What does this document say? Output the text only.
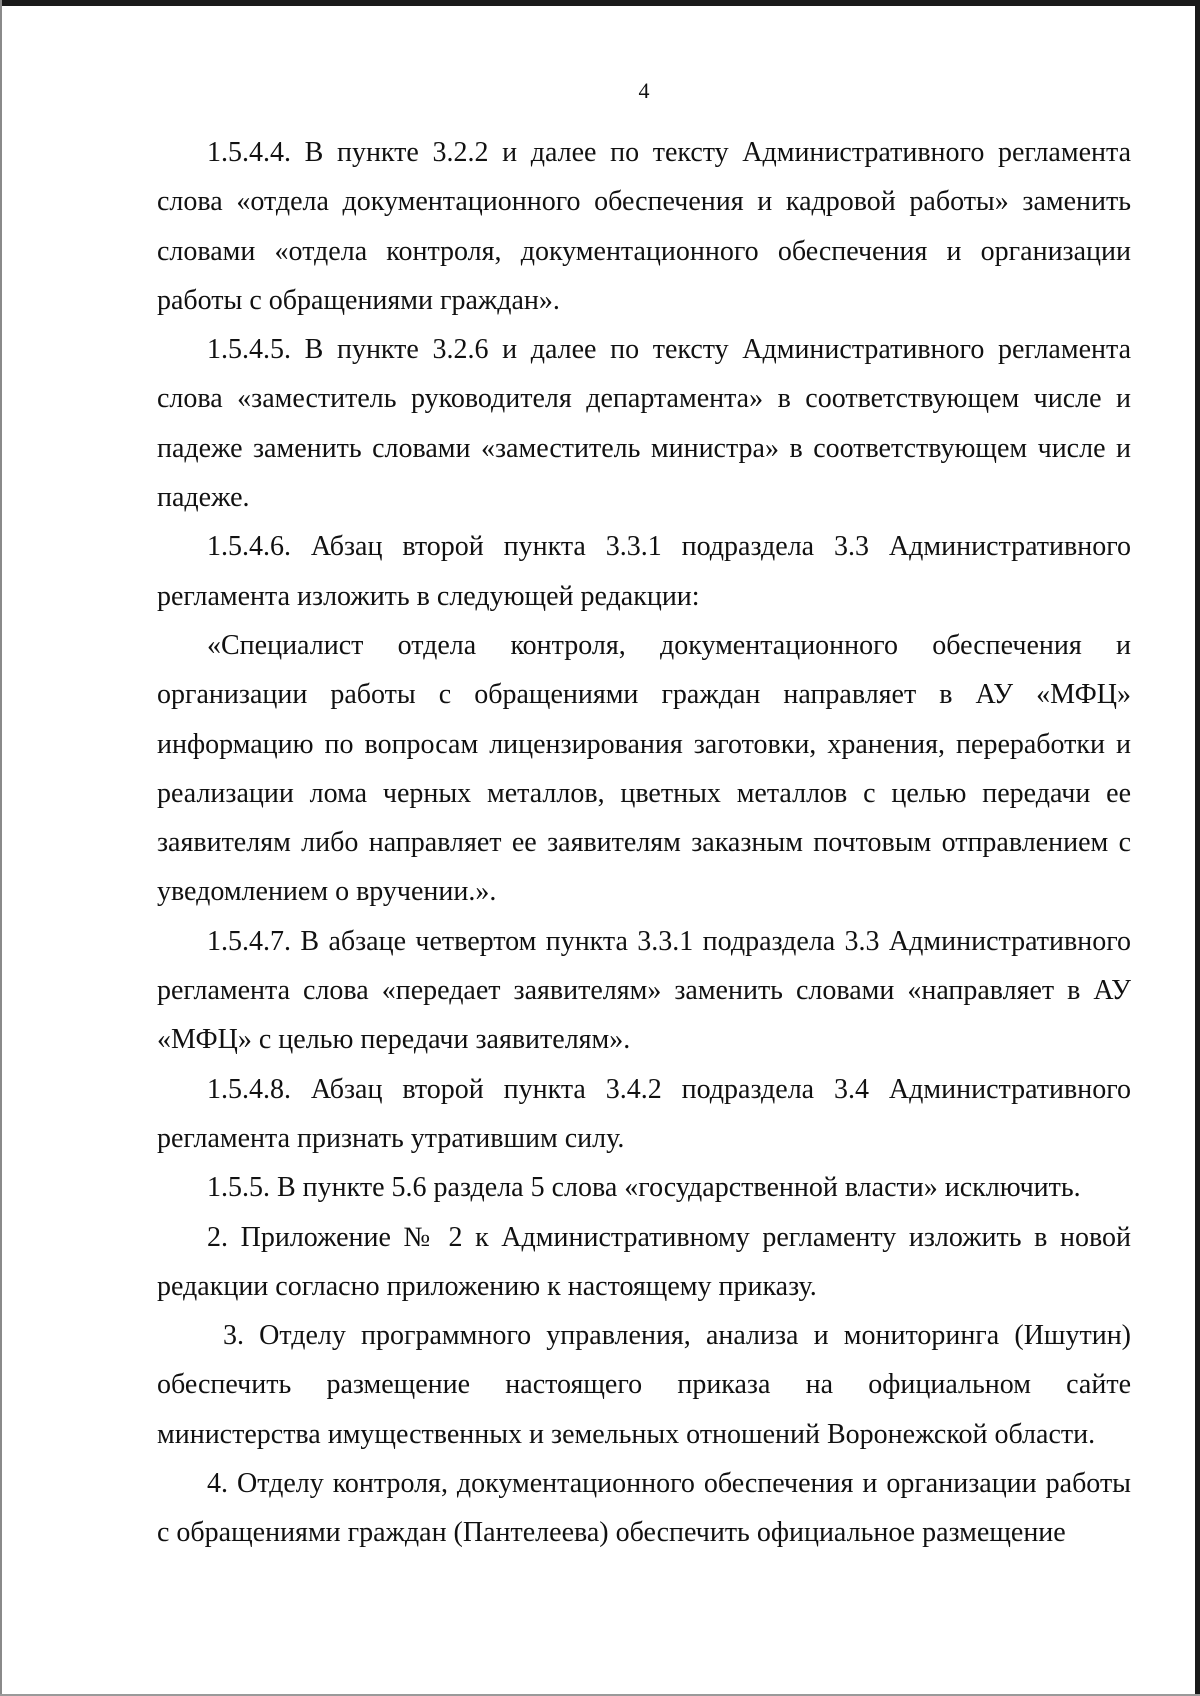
4

1.5.4.4. В пункте 3.2.2 и далее по тексту Административного регламента слова «отдела документационного обеспечения и кадровой работы» заменить словами «отдела контроля, документационного обеспечения и организации работы с обращениями граждан».

1.5.4.5. В пункте 3.2.6 и далее по тексту Административного регламента слова «заместитель руководителя департамента» в соответствующем числе и падеже заменить словами «заместитель министра» в соответствующем числе и падеже.

1.5.4.6. Абзац второй пункта 3.3.1 подраздела 3.3 Административного регламента изложить в следующей редакции:

«Специалист отдела контроля, документационного обеспечения и организации работы с обращениями граждан направляет в АУ «МФЦ» информацию по вопросам лицензирования заготовки, хранения, переработки и реализации лома черных металлов, цветных металлов с целью передачи ее заявителям либо направляет ее заявителям заказным почтовым отправлением с уведомлением о вручении.».

1.5.4.7. В абзаце четвертом пункта 3.3.1 подраздела 3.3 Административного регламента слова «передает заявителям» заменить словами «направляет в АУ «МФЦ» с целью передачи заявителям».

1.5.4.8. Абзац второй пункта 3.4.2 подраздела 3.4 Административного регламента признать утратившим силу.

1.5.5. В пункте 5.6 раздела 5 слова «государственной власти» исключить.

2. Приложение № 2 к Административному регламенту изложить в новой редакции согласно приложению к настоящему приказу.

3. Отделу программного управления, анализа и мониторинга (Ишутин) обеспечить размещение настоящего приказа на официальном сайте министерства имущественных и земельных отношений Воронежской области.

4. Отделу контроля, документационного обеспечения и организации работы с обращениями граждан (Пантелеева) обеспечить официальное размещение
